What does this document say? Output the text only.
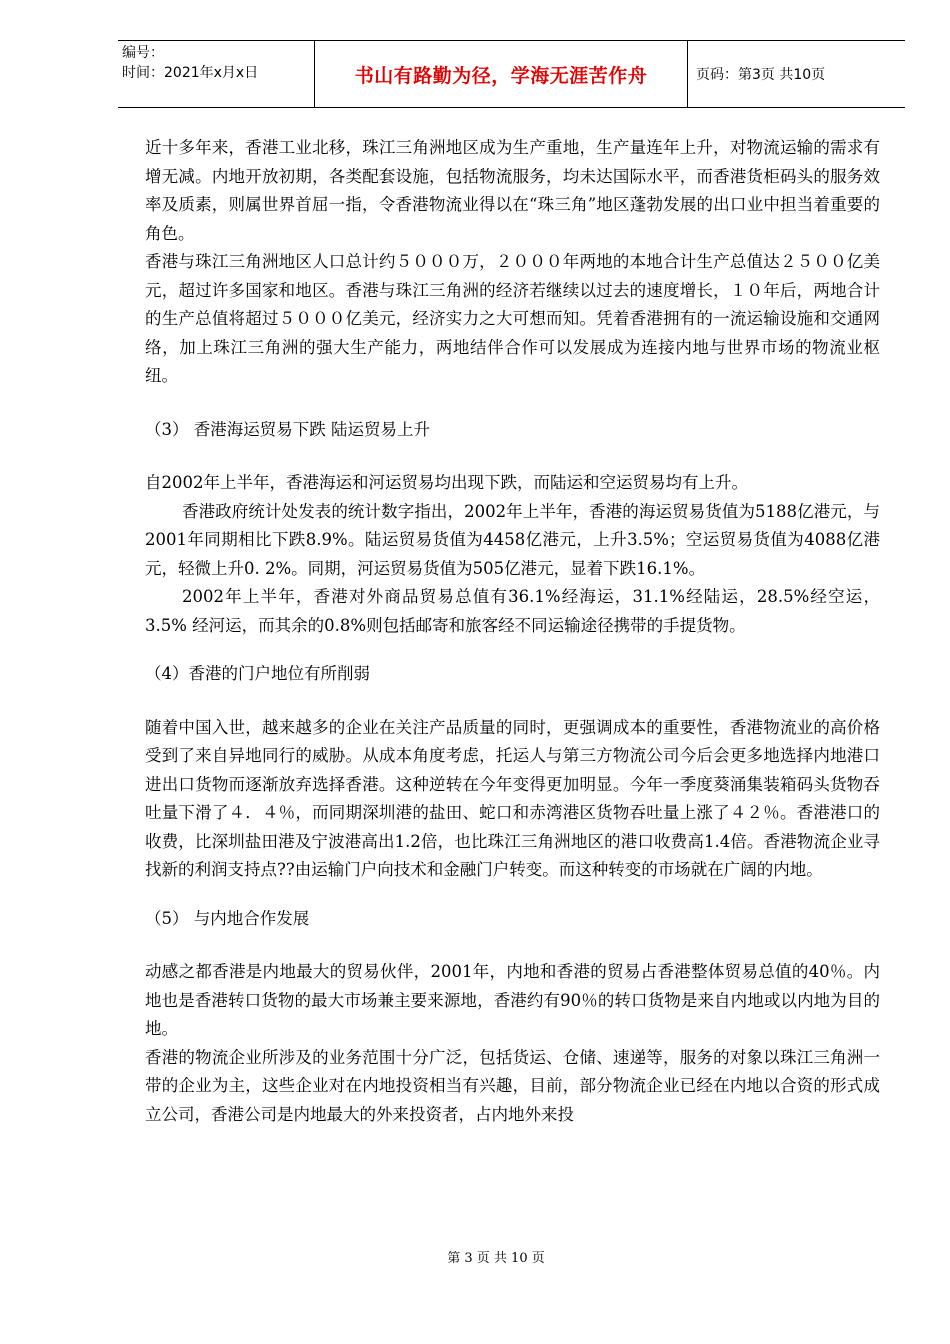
编号：
时间：2021年x月x日	书山有路勤为径，学海无涯苦作舟	页码：第3页 共10页

近十多年来，香港工业北移，珠江三角洲地区成为生产重地，生产量连年上升，对物流运输的需求有增无减。内地开放初期，各类配套设施，包括物流服务，均未达国际水平，而香港货柜码头的服务效率及质素，则属世界首屈一指，令香港物流业得以在“珠三角”地区蓬勃发展的出口业中担当着重要的角色。

香港与珠江三角洲地区人口总计约５０００万，２０００年两地的本地合计生产总值达２５００亿美元，超过许多国家和地区。香港与珠江三角洲的经济若继续以过去的速度增长，１０年后，两地合计的生产总值将超过５０００亿美元，经济实力之大可想而知。凭着香港拥有的一流运输设施和交通网络，加上珠江三角洲的强大生产能力，两地结伴合作可以发展成为连接内地与世界市场的物流业枢纽。

（3） 香港海运贸易下跌 陆运贸易上升

自2002年上半年，香港海运和河运贸易均出现下跌，而陆运和空运贸易均有上升。

香港政府统计处发表的统计数字指出，2002年上半年，香港的海运贸易货值为5188亿港元，与2001年同期相比下跌8.9%。陆运贸易货值为4458亿港元，上升3.5%；空运贸易货值为4088亿港元，轻微上升0. 2%。同期，河运贸易货值为505亿港元，显着下跌16.1%。

2002年上半年，香港对外商品贸易总值有36.1%经海运，31.1%经陆运，28.5%经空运，3.5% 经河运，而其余的0.8%则包括邮寄和旅客经不同运输途径携带的手提货物。

（4）香港的门户地位有所削弱

随着中国入世，越来越多的企业在关注产品质量的同时，更强调成本的重要性，香港物流业的高价格受到了来自异地同行的威胁。从成本角度考虑，托运人与第三方物流公司今后会更多地选择内地港口进出口货物而逐渐放弃选择香港。这种逆转在今年变得更加明显。今年一季度葵涌集装箱码头货物吞吐量下滑了４．４％，而同期深圳港的盐田、蛇口和赤湾港区货物吞吐量上涨了４２％。香港港口的收费，比深圳盐田港及宁波港高出1.2倍，也比珠江三角洲地区的港口收费高1.4倍。香港物流企业寻找新的利润支持点??由运输门户向技术和金融门户转变。而这种转变的市场就在广阔的内地。

（5） 与内地合作发展

动感之都香港是内地最大的贸易伙伴，2001年，内地和香港的贸易占香港整体贸易总值的40％。内地也是香港转口货物的最大市场兼主要来源地，香港约有90％的转口货物是来自内地或以内地为目的地。

香港的物流企业所涉及的业务范围十分广泛，包括货运、仓储、速递等，服务的对象以珠江三角洲一带的企业为主，这些企业对在内地投资相当有兴趣，目前，部分物流企业已经在内地以合资的形式成立公司，香港公司是内地最大的外来投资者，占内地外来投

第 3 页 共 10 页
